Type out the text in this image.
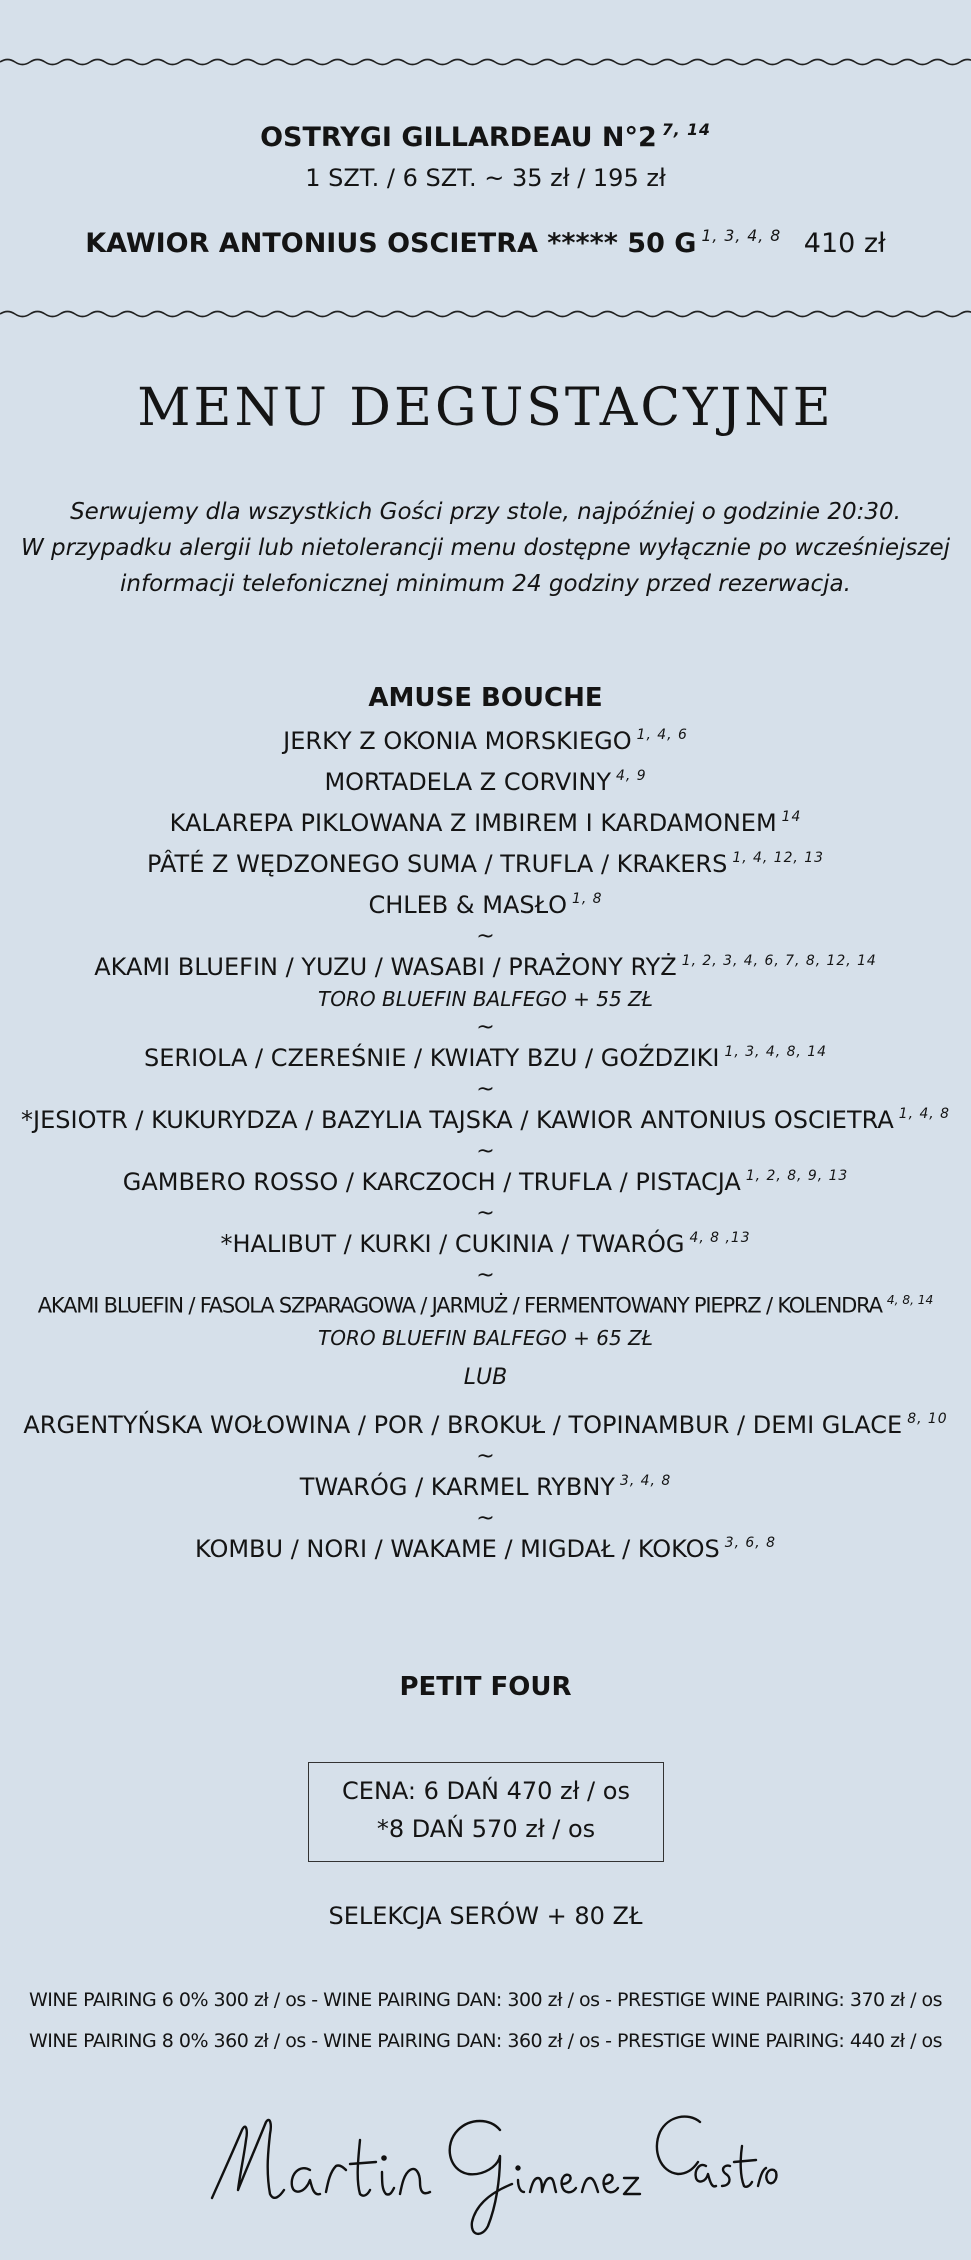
OSTRYGI GILLARDEAU N°2 $^{7, 14}$
1 SZT. / 6 SZT. ~ 35 zł / 195 zł
KAWIOR ANTONIUS OSCIETRA ***** 50 G $^{1, 3, 4, 8}$ 410 zł
MENU DEGUSTACYJNE
Serwujemy dla wszystkich Gości przy stole, najpóźniej o godzinie 20:30.
W przypadku alergii lub nietolerancji menu dostępne wyłącznie po wcześniejszej
informacji telefonicznej minimum 24 godziny przed rezerwacja.
AMUSE BOUCHE
JERKY Z OKONIA MORSKIEGO $^{1, 4, 6}$
MORTADELA Z CORVINY $^{4, 9}$
KALAREPA PIKLOWANA Z IMBIREM I KARDAMONEM $^{14}$
PÂTÉ Z WĘDZONEGO SUMA / TRUFLA / KRAKERS $^{1, 4, 12, 13}$
CHLEB & MASŁO $^{1, 8}$
~
AKAMI BLUEFIN / YUZU / WASABI / PRAŻONY RYŻ $^{1, 2, 3, 4, 6, 7, 8, 12, 14}$
TORO BLUEFIN BALFEGO + 55 ZŁ
~
SERIOLA / CZEREŚNIE / KWIATY BZU / GOŹDZIKI $^{1, 3, 4, 8, 14}$
~
*JESIOTR / KUKURYDZA / BAZYLIA TAJSKA / KAWIOR ANTONIUS OSCIETRA $^{1, 4, 8}$
~
GAMBERO ROSSO / KARCZOCH / TRUFLA / PISTACJA $^{1, 2, 8, 9, 13}$
~
*HALIBUT / KURKI / CUKINIA / TWARÓG $^{4, 8 ,13}$
~
AKAMI BLUEFIN / FASOLA SZPARAGOWA / JARMUŻ / FERMENTOWANY PIEPRZ / KOLENDRA $^{4, 8, 14}$
TORO BLUEFIN BALFEGO + 65 ZŁ
LUB
ARGENTYŃSKA WOŁOWINA / POR / BROKUŁ / TOPINAMBUR / DEMI GLACE $^{8, 10}$
~
TWARÓG / KARMEL RYBNY $^{3, 4, 8}$
~
KOMBU / NORI / WAKAME / MIGDAŁ / KOKOS $^{3, 6, 8}$
PETIT FOUR
CENA: 6 DAŃ 470 zł / os
*8 DAŃ 570 zł / os
SELEKCJA SERÓW + 80 ZŁ
WINE PAIRING 6 0% 300 zł / os - WINE PAIRING DAN: 300 zł / os - PRESTIGE WINE PAIRING: 370 zł / os
WINE PAIRING 8 0% 360 zł / os - WINE PAIRING DAN: 360 zł / os - PRESTIGE WINE PAIRING: 440 zł / os
